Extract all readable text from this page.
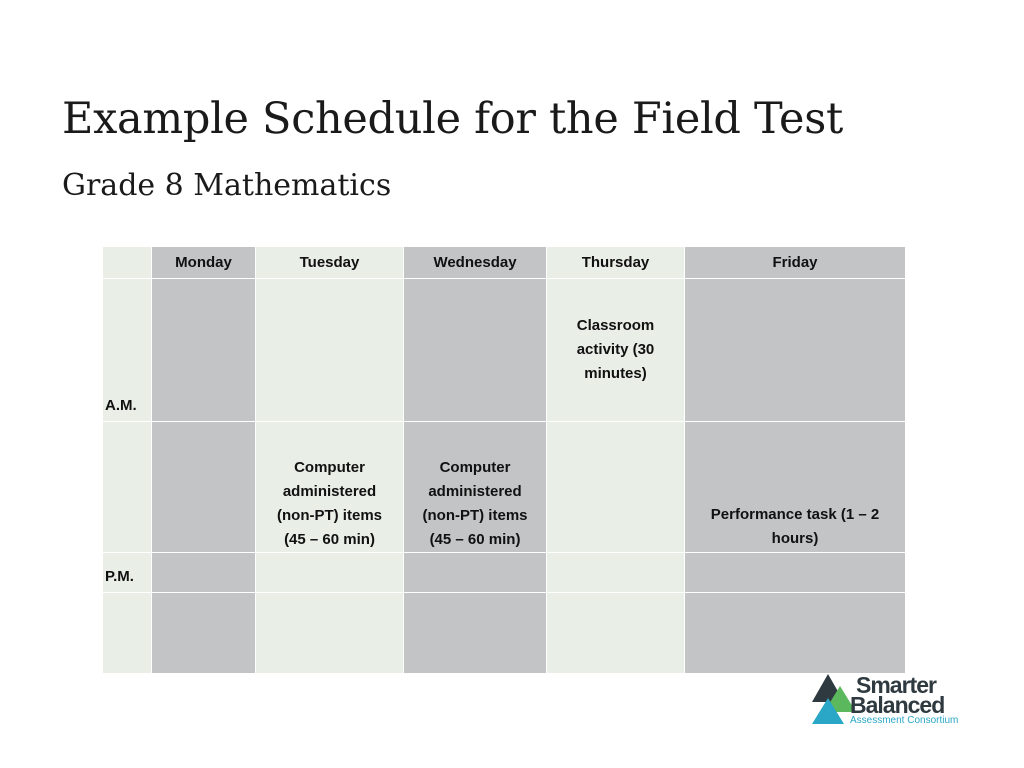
Example Schedule for the Field Test
Grade 8 Mathematics
	Monday	Tuesday	Wednesday	Thursday	Friday
A.M.				Classroom activity (30 minutes)	
		Computer administered (non-PT) items (45 – 60 min)	Computer administered (non-PT) items (45 – 60 min)		Performance task (1 – 2 hours)
P.M.					

Smarter
Balanced
Assessment Consortium
